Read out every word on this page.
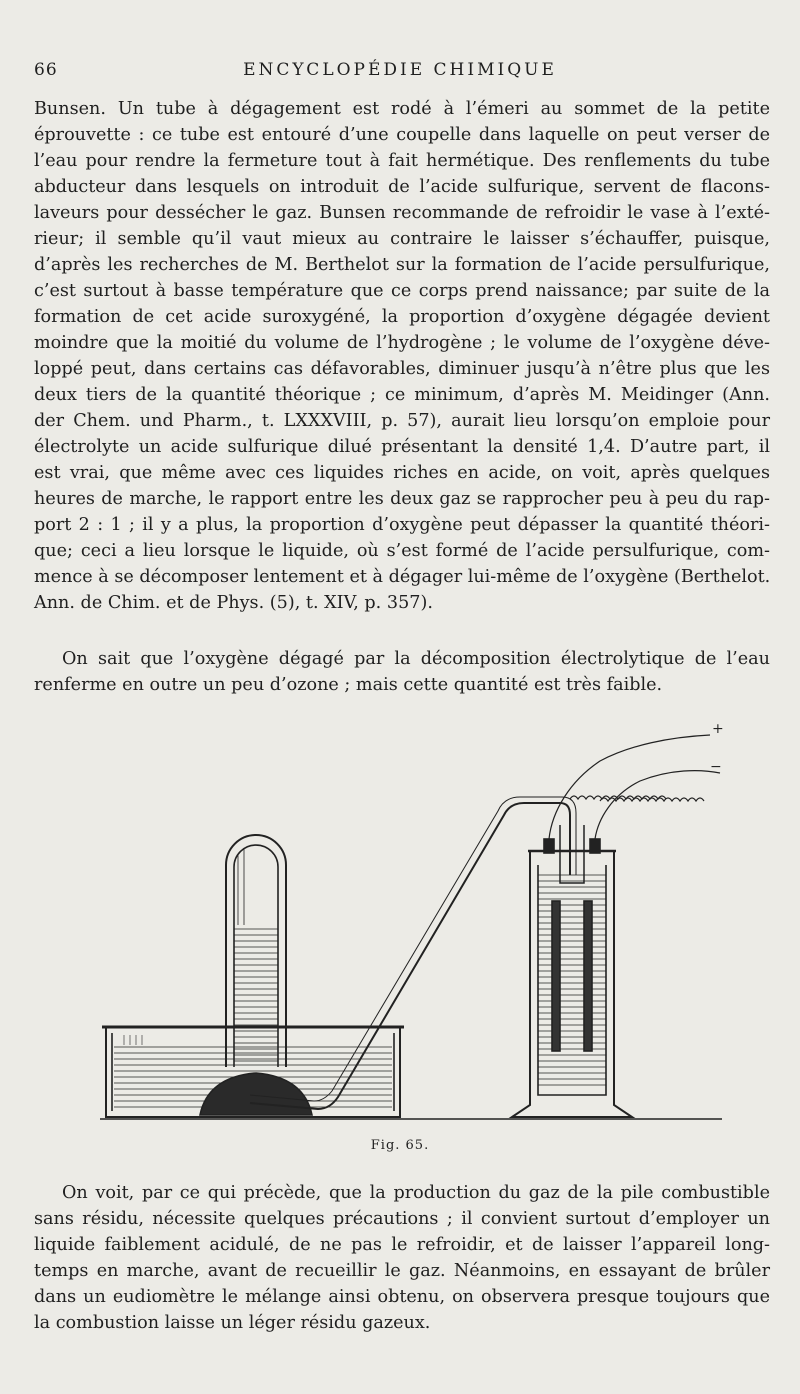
66	ENCYCLOPÉDIE CHIMIQUE
Bunsen. Un tube à dégagement est rodé à l’émeri au sommet de la petite
éprouvette : ce tube est entouré d’une coupelle dans laquelle on peut verser de
l’eau pour rendre la fermeture tout à fait hermétique. Des renflements du tube
abducteur dans lesquels on introduit de l’acide sulfurique, servent de flacons-
laveurs pour dessécher le gaz. Bunsen recommande de refroidir le vase à l’exté-
rieur; il semble qu’il vaut mieux au contraire le laisser s’échauffer, puisque,
d’après les recherches de M. Berthelot sur la formation de l’acide persulfurique,
c’est surtout à basse température que ce corps prend naissance; par suite de la
formation de cet acide suroxygéné, la proportion d’oxygène dégagée devient
moindre que la moitié du volume de l’hydrogène ; le volume de l’oxygène déve-
loppé peut, dans certains cas défavorables, diminuer jusqu’à n’être plus que les
deux tiers de la quantité théorique ; ce minimum, d’après M. Meidinger (Ann.
der Chem. und Pharm., t. LXXXVIII, p. 57), aurait lieu lorsqu’on emploie pour
électrolyte un acide sulfurique dilué présentant la densité 1,4. D’autre part, il
est vrai, que même avec ces liquides riches en acide, on voit, après quelques
heures de marche, le rapport entre les deux gaz se rapprocher peu à peu du rap-
port 2 : 1 ; il y a plus, la proportion d’oxygène peut dépasser la quantité théori-
que; ceci a lieu lorsque le liquide, où s’est formé de l’acide persulfurique, com-
mence à se décomposer lentement et à dégager lui-même de l’oxygène (Berthelot.
Ann. de Chim. et de Phys. (5), t. XIV, p. 357).
On sait que l’oxygène dégagé par la décomposition électrolytique de l’eau
renferme en outre un peu d’ozone ; mais cette quantité est très faible.
+
−
Fig. 65.
On voit, par ce qui précède, que la production du gaz de la pile combustible
sans résidu, nécessite quelques précautions ; il convient surtout d’employer un
liquide faiblement acidulé, de ne pas le refroidir, et de laisser l’appareil long-
temps en marche, avant de recueillir le gaz. Néanmoins, en essayant de brûler
dans un eudiomètre le mélange ainsi obtenu, on observera presque toujours que
la combustion laisse un léger résidu gazeux.
